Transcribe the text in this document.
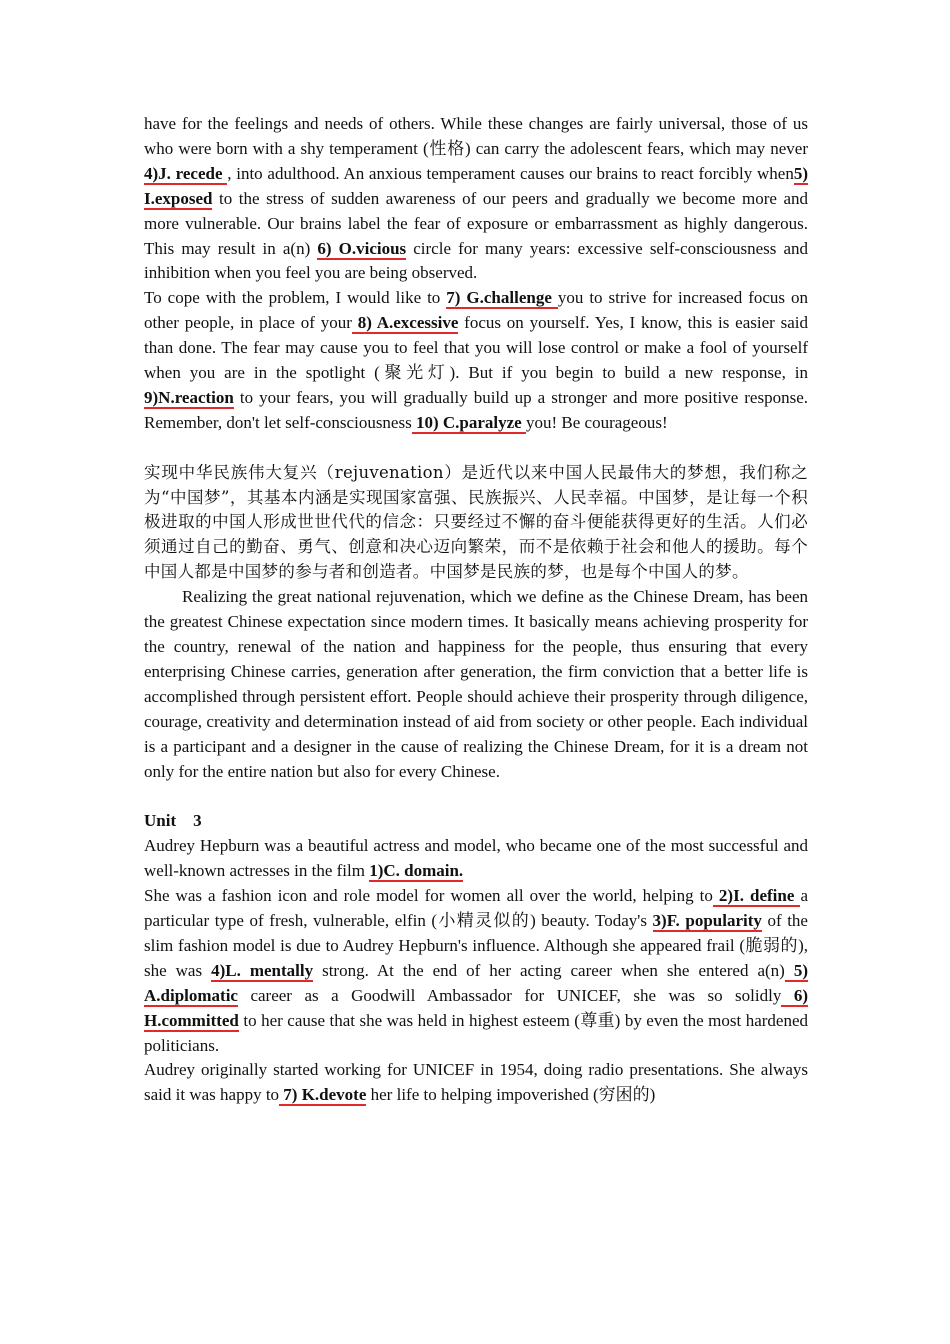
have for the feelings and needs of others. While these changes are fairly universal, those of us who were born with a shy temperament (性格) can carry the adolescent fears, which may never 4)J. recede , into adulthood. An anxious temperament causes our brains to react forcibly when5) I.exposed to the stress of sudden awareness of our peers and gradually we become more and more vulnerable. Our brains label the fear of exposure or embarrassment as highly dangerous. This may result in a(n) 6) O.vicious circle for many years: excessive self-consciousness and inhibition when you feel you are being observed.

To cope with the problem, I would like to 7) G.challenge you to strive for increased focus on other people, in place of your 8) A.excessive focus on yourself. Yes, I know, this is easier said than done. The fear may cause you to feel that you will lose control or make a fool of yourself when you are in the spotlight (聚光灯). But if you begin to build a new response, in 9)N.reaction to your fears, you will gradually build up a stronger and more positive response. Remember, don't let self-consciousness 10) C.paralyze you! Be courageous!

实现中华民族伟大复兴（rejuvenation）是近代以来中国人民最伟大的梦想，我们称之为“中国梦”，其基本内涵是实现国家富强、民族振兴、人民幸福。中国梦，是让每一个积极进取的中国人形成世世代代的信念：只要经过不懈的奋斗便能获得更好的生活。人们必须通过自己的勤奋、勇气、创意和决心迈向繁荣，而不是依赖于社会和他人的援助。每个中国人都是中国梦的参与者和创造者。中国梦是民族的梦，也是每个中国人的梦。

Realizing the great national rejuvenation, which we define as the Chinese Dream, has been the greatest Chinese expectation since modern times. It basically means achieving prosperity for the country, renewal of the nation and happiness for the people, thus ensuring that every enterprising Chinese carries, generation after generation, the firm conviction that a better life is accomplished through persistent effort. People should achieve their prosperity through diligence, courage, creativity and determination instead of aid from society or other people. Each individual is a participant and a designer in the cause of realizing the Chinese Dream, for it is a dream not only for the entire nation but also for every Chinese.

Unit    3

Audrey Hepburn was a beautiful actress and model, who became one of the most successful and well-known actresses in the film 1)C. domain.

She was a fashion icon and role model for women all over the world, helping to 2)I. define a particular type of fresh, vulnerable, elfin (小精灵似的) beauty. Today's 3)F. popularity of the slim fashion model is due to Audrey Hepburn's influence. Although she appeared frail (脆弱的), she was 4)L. mentally strong. At the end of her acting career when she entered a(n) 5) A.diplomatic career as a Goodwill Ambassador for UNICEF, she was so solidly 6) H.committed to her cause that she was held in highest esteem (尊重) by even the most hardened politicians.

Audrey originally started working for UNICEF in 1954, doing radio presentations. She always said it was happy to 7) K.devote her life to helping impoverished (穷困的)
